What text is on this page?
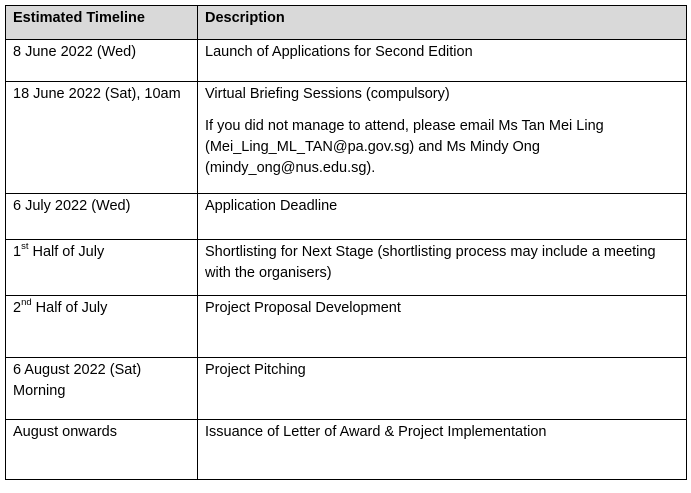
Estimated Timeline	Description
8 June 2022 (Wed)	Launch of Applications for Second Edition
18 June 2022 (Sat), 10am	Virtual Briefing Sessions (compulsory)
If you did not manage to attend, please email Ms Tan Mei Ling (Mei_Ling_ML_TAN@pa.gov.sg) and Ms Mindy Ong (mindy_ong@nus.edu.sg).

6 July 2022 (Wed)	Application Deadline
1st Half of July	Shortlisting for Next Stage (shortlisting process may include a meeting with the organisers)
2nd Half of July	Project Proposal Development

6 August 2022 (Sat)
Morning	Project Pitching
August onwards	Issuance of Letter of Award & Project Implementation
